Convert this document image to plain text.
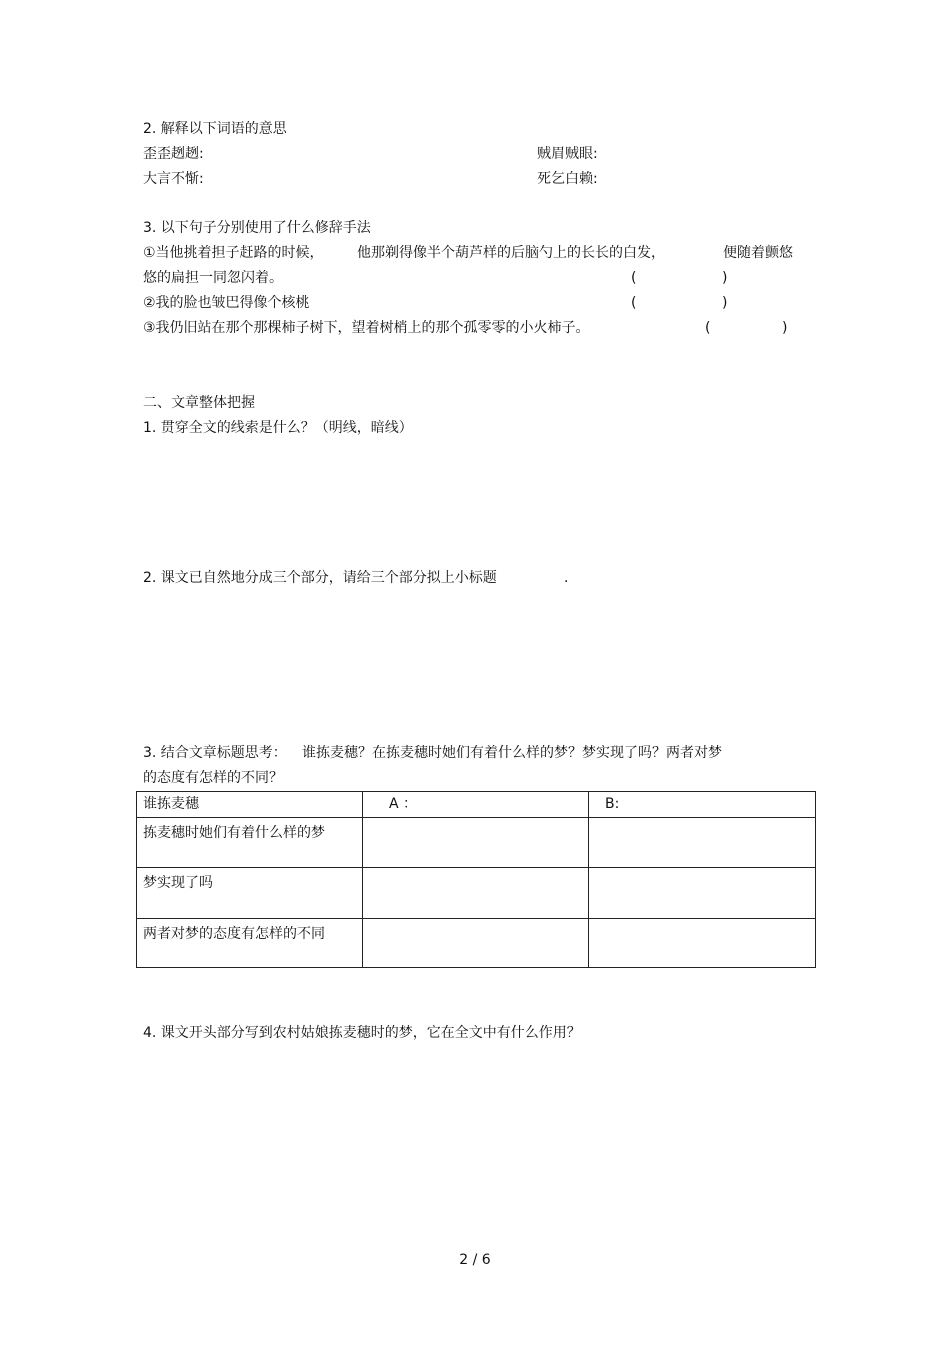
2. 解释以下词语的意思
歪歪趔趔:	贼眉贼眼:
大言不惭:	死乞白赖:
3. 以下句子分别使用了什么修辞手法
①当他挑着担子赶路的时候， 他那剃得像半个葫芦样的后脑勺上的长长的白发，	便随着颤悠
悠的扁担一同忽闪着。	(	)
②我的脸也皱巴得像个核桃	(	)
③我仍旧站在那个那棵柿子树下，望着树梢上的那个孤零零的小火柿子。	(	)
二、文章整体把握
1. 贯穿全文的线索是什么？（明线，暗线）
2. 课文已自然地分成三个部分，请给三个部分拟上小标题	.
3. 结合文章标题思考： 谁拣麦穗？在拣麦穗时她们有着什么样的梦？梦实现了吗？两者对梦
的态度有怎样的不同？
谁拣麦穗	A ：	B:
拣麦穗时她们有着什么样的梦		
梦实现了吗		
两者对梦的态度有怎样的不同		
4. 课文开头部分写到农村姑娘拣麦穗时的梦，它在全文中有什么作用？
2 / 6
